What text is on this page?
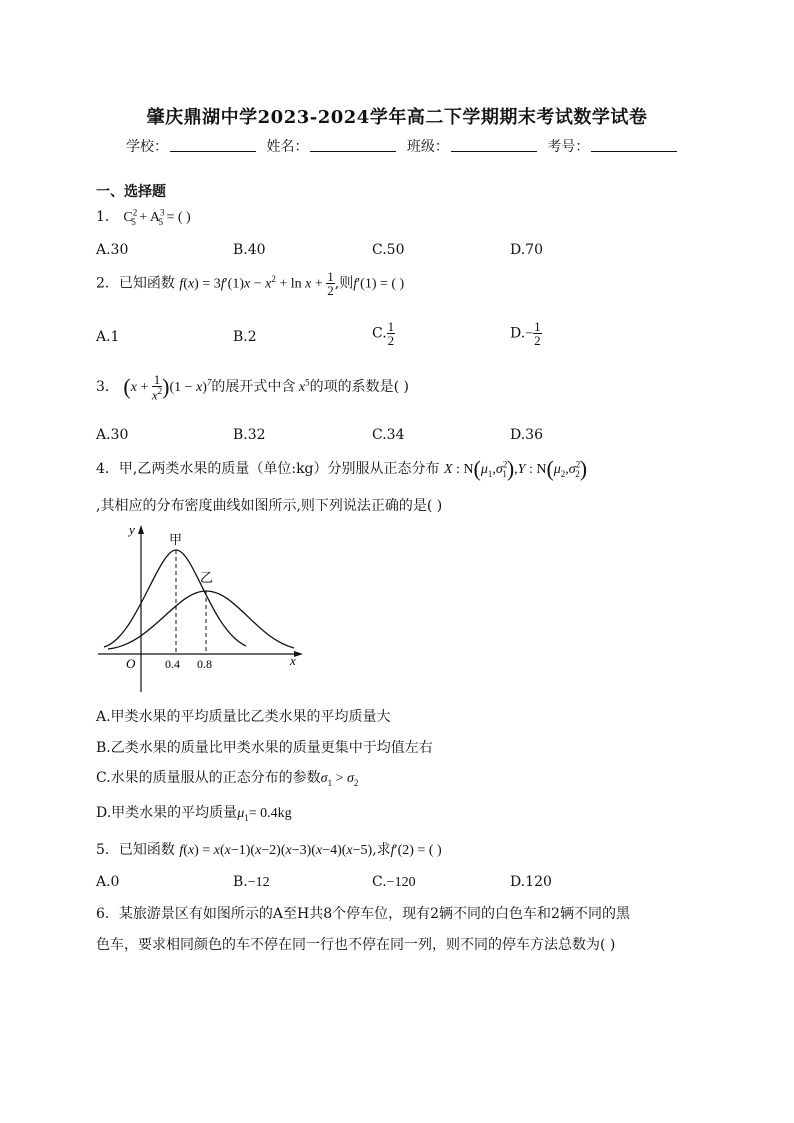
肇庆鼎湖中学2023-2024学年高二下学期期末考试数学试卷
学校：	姓名：	班级：	考号：
一、选择题
1． $C^2_5 + A^3_5$ = ( )
A.30	B.40	C.50	D.70
2．已知函数 $f(x) = 3f'(1)x - x^2 + \ln x + \frac{1}{2}$ ,则f′(1) = ( )
A.1	B.2	C. $\frac{1}{2}$	$D.- \frac{1}{2}$
3． $(x + \frac{1}{x^2} )(1 - x)^7$的展开式中含 $x^5$的项的系数是( )
A.30	B.32	C.34	D.36
4．甲,乙两类水果的质量（单位:kg）分别服从正态分布 X : $N(\mu_1,\sigma^2_1),Y$ : $N(\mu_2,\sigma^2_2)$
,其相应的分布密度曲线如图所示,则下列说法正确的是( )
y
x
O
甲
乙
0.4 0.8
A.甲类水果的平均质量比乙类水果的平均质量大
B.乙类水果的质量比甲类水果的质量更集中于均值左右
C.水果的质量服从的正态分布的参数$\sigma_1 > \sigma_2$
D.甲类水果的平均质量$\mu_1= 0.4kg$
5．已知函数 f(x) = x(x−1)(x−2)(x−3)(x−4)(x−5),求f′(2) = ( )
A.0	B.−12	C.−120	D.120
6．某旅游景区有如图所示的A至H共8个停车位，现有2辆不同的白色车和2辆不同的黑
色车，要求相同颜色的车不停在同一行也不停在同一列，则不同的停车方法总数为( )
